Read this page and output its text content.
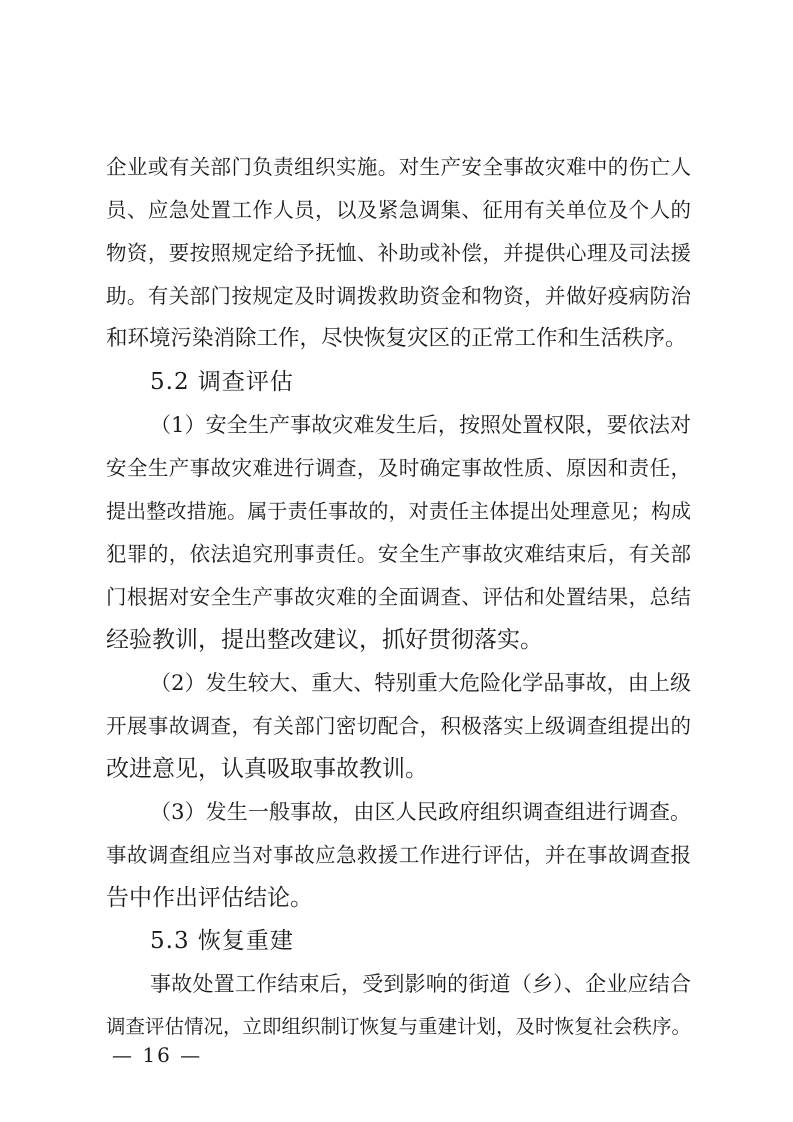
企业或有关部门负责组织实施。对生产安全事故灾难中的伤亡人
员、应急处置工作人员，以及紧急调集、征用有关单位及个人的
物资，要按照规定给予抚恤、补助或补偿，并提供心理及司法援
助。有关部门按规定及时调拨救助资金和物资，并做好疫病防治
和环境污染消除工作，尽快恢复灾区的正常工作和生活秩序。
5.2 调查评估
（1）安全生产事故灾难发生后，按照处置权限，要依法对
安全生产事故灾难进行调查，及时确定事故性质、原因和责任，
提出整改措施。属于责任事故的，对责任主体提出处理意见；构成
犯罪的，依法追究刑事责任。安全生产事故灾难结束后，有关部
门根据对安全生产事故灾难的全面调查、评估和处置结果，总结
经验教训，提出整改建议，抓好贯彻落实。
（2）发生较大、重大、特别重大危险化学品事故，由上级
开展事故调查，有关部门密切配合，积极落实上级调查组提出的
改进意见，认真吸取事故教训。
（3）发生一般事故，由区人民政府组织调查组进行调查。
事故调查组应当对事故应急救援工作进行评估，并在事故调查报
告中作出评估结论。
5.3 恢复重建
事故处置工作结束后，受到影响的街道（乡）、企业应结合
调查评估情况，立即组织制订恢复与重建计划，及时恢复社会秩序。
— 16 —
